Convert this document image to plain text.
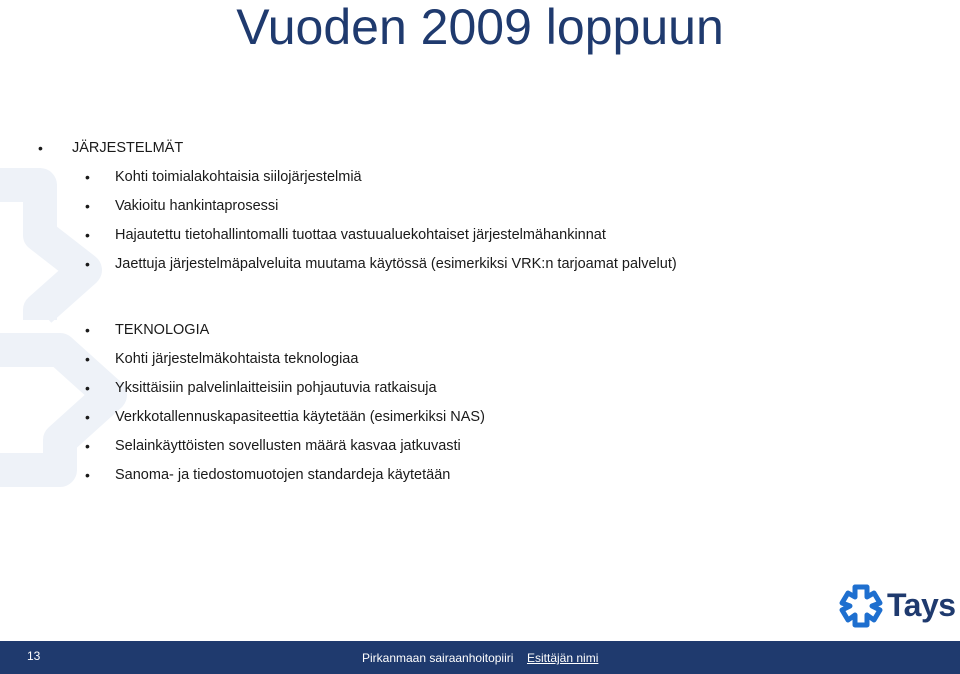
Vuoden 2009 loppuun
• JÄRJESTELMÄT
• Kohti toimialakohtaisia siilojärjestelmiä
• Vakioitu hankintaprosessi
• Hajautettu tietohallintomalli tuottaa vastuualuekohtaiset järjestelmähankinnat
• Jaettuja järjestelmäpalveluita muutama käytössä (esimerkiksi VRK:n tarjoamat palvelut)
• TEKNOLOGIA
• Kohti järjestelmäkohtaista teknologiaa
• Yksittäisiin palvelinlaitteisiin pohjautuvia ratkaisuja
• Verkkotallennuskapasiteettia käytetään (esimerkiksi NAS)
• Selainkäyttöisten sovellusten määrä kasvaa jatkuvasti
• Sanoma- ja tiedostomuotojen standardeja käytetään
Tays
13	Pirkanmaan sairaanhoitopiiri Esittäjän nimi
